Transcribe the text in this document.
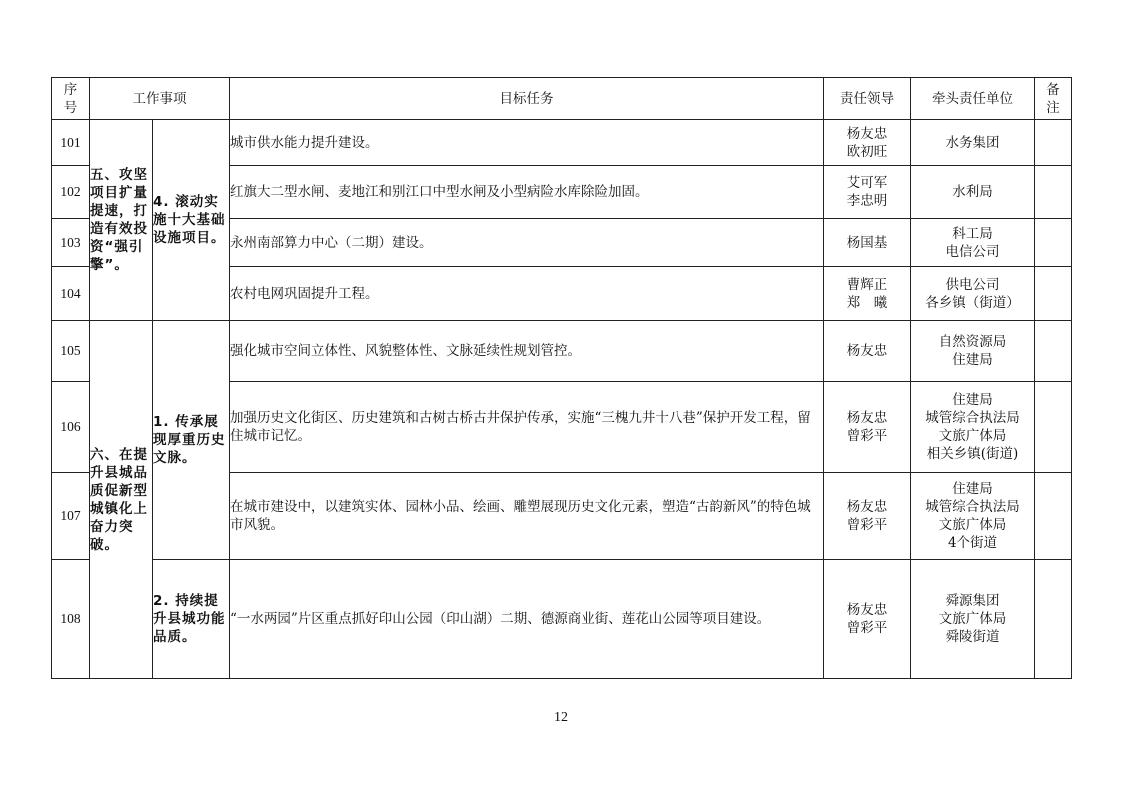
序
号	工作事项		目标任务	责任领导	牵头责任单位	备
注
101	五、攻坚项目扩量提速，打造有效投资“强引擎”。	4. 滚动实施十大基础设施项目。	城市供水能力提升建设。	杨友忠
欧初旺	水务集团	
102			红旗大二型水闸、麦地江和别江口中型水闸及小型病险水库除险加固。	艾可军
李忠明	水利局	
103			永州南部算力中心（二期）建设。	杨国基	科工局
电信公司	
104			农村电网巩固提升工程。	曹辉正
郑　曦	供电公司
各乡镇（街道）	
105	六、在提升县城品质促新型城镇化上奋力突破。	1. 传承展现厚重历史文脉。	强化城市空间立体性、风貌整体性、文脉延续性规划管控。	杨友忠	自然资源局
住建局	
106			加强历史文化街区、历史建筑和古树古桥古井保护传承，实施“三槐九井十八巷”保护开发工程，留住城市记忆。	杨友忠
曾彩平	住建局
城管综合执法局
文旅广体局
相关乡镇(街道)	
107			在城市建设中，以建筑实体、园林小品、绘画、雕塑展现历史文化元素，塑造“古韵新风”的特色城市风貌。	杨友忠
曾彩平	住建局
城管综合执法局
文旅广体局
4个街道	
108		2. 持续提升县城功能品质。	“一水两园”片区重点抓好印山公园（印山湖）二期、德源商业街、莲花山公园等项目建设。	杨友忠
曾彩平	舜源集团
文旅广体局
舜陵街道	
12
